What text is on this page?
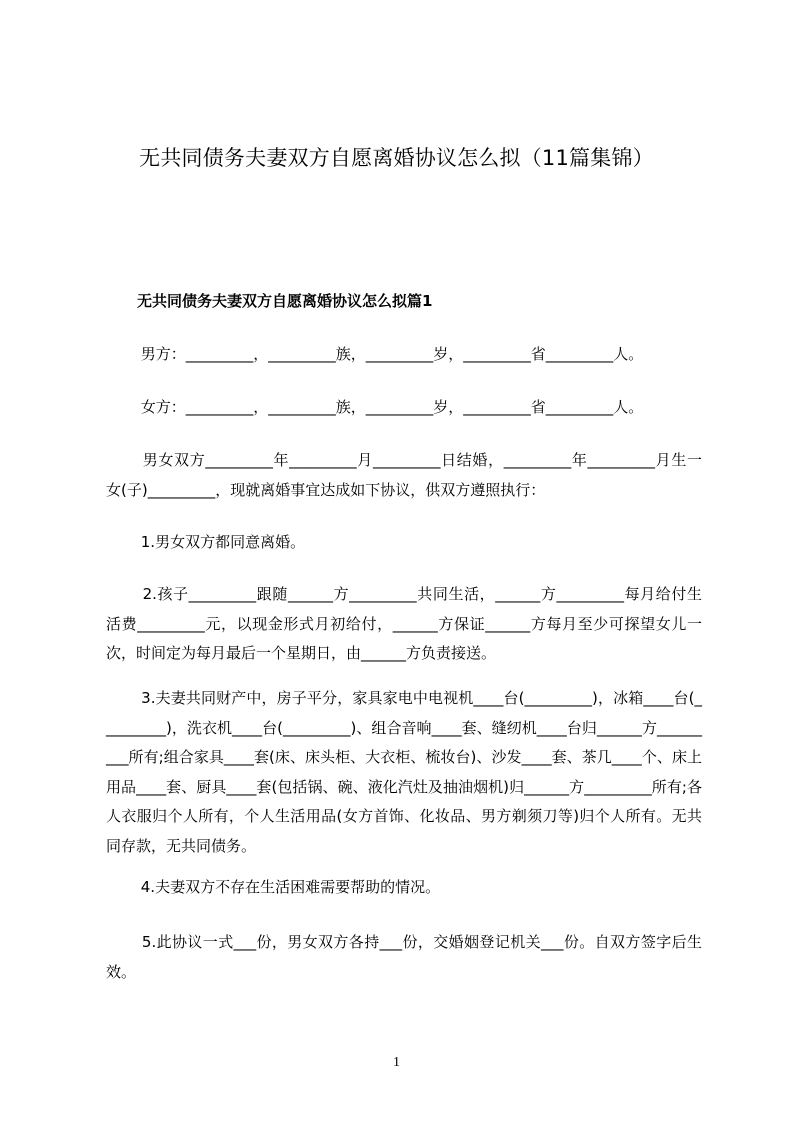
无共同债务夫妻双方自愿离婚协议怎么拟（11篇集锦）
无共同债务夫妻双方自愿离婚协议怎么拟篇1
　　 男方：_________，_________族，_________岁，_________省_________人。
　　 女方：_________，_________族，_________岁，_________省_________人。
　　 男女双方_________年_________月_________日结婚，_________年_________月生一女(子)_________，现就离婚事宜达成如下协议，供双方遵照执行：
　　 1.男女双方都同意离婚。
　　 2.孩子_________跟随______方_________共同生活，______方_________每月给付生活费_________元，以现金形式月初给付，______方保证______方每月至少可探望女儿一次，时间定为每月最后一个星期日，由______方负责接送。
　　 3.夫妻共同财产中，房子平分，家具家电中电视机____台(_________)，冰箱____台(_________)，洗衣机____台(_________)、组合音响____套、缝纫机____台归______方_________所有;组合家具____套(床、床头柜、大衣柜、梳妆台)、沙发____套、茶几____个、床上用品____套、厨具____套(包括锅、碗、液化汽灶及抽油烟机)归______方_________所有;各人衣服归个人所有，个人生活用品(女方首饰、化妆品、男方剃须刀等)归个人所有。无共同存款，无共同债务。
　　 4.夫妻双方不存在生活困难需要帮助的情况。
　　 5.此协议一式___份，男女双方各持___份，交婚姻登记机关___份。自双方签字后生效。
1
